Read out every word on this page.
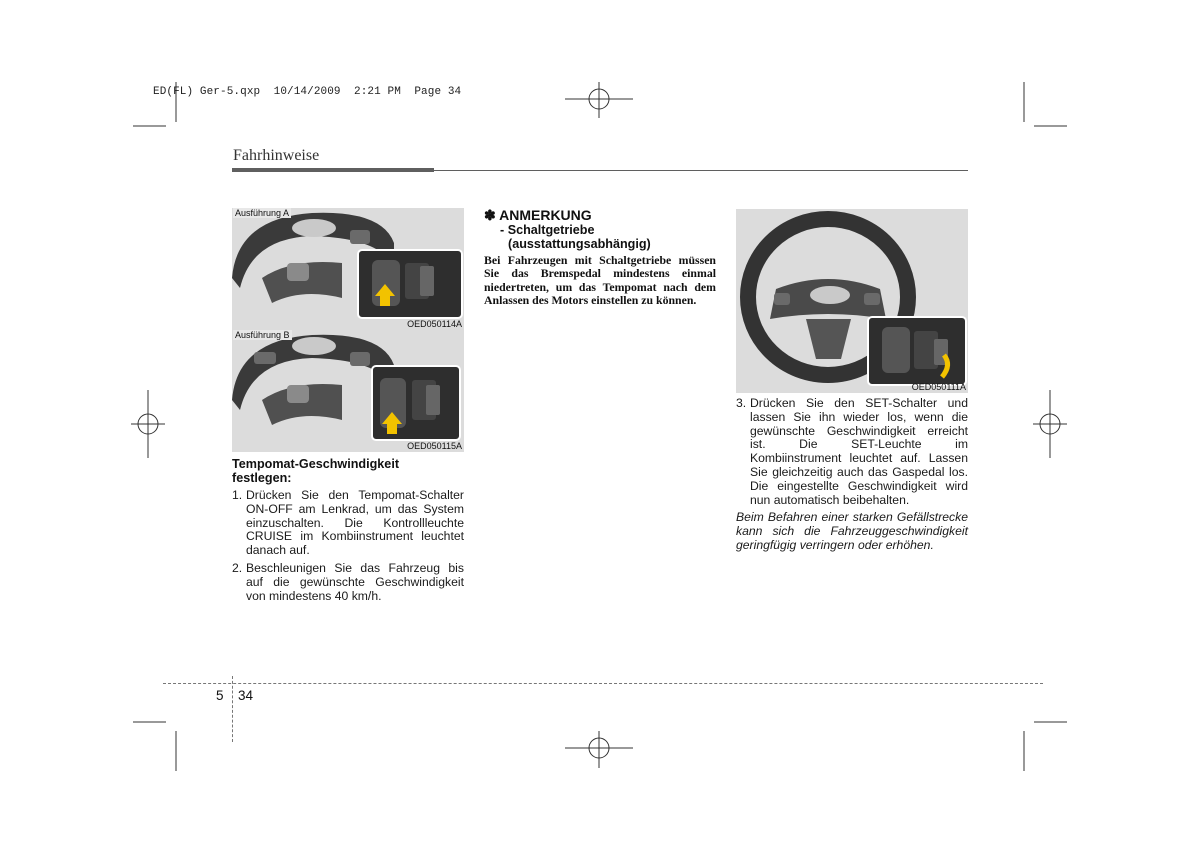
ED(FL) Ger-5.qxp  10/14/2009  2:21 PM  Page 34
Fahrhinweise
Ausführung A
OED050114A
Ausführung B
OED050115A
OED050111A
Tempomat-Geschwindigkeit
festlegen:
1. Drücken Sie den Tempomat-Schalter ON-OFF am Lenkrad, um das System einzuschalten. Die Kontrollleuchte CRUISE im Kombiinstrument leuchtet danach auf.
2. Beschleunigen Sie das Fahrzeug bis auf die gewünschte Geschwindigkeit von mindestens 40 km/h.
✽ ANMERKUNG
- Schaltgetriebe
(ausstattungsabhängig)
Bei Fahrzeugen mit Schaltgetriebe müssen Sie das Bremspedal mindestens einmal niedertreten, um das Tempomat nach dem Anlassen des Motors einstellen zu können.
3. Drücken Sie den SET-Schalter und lassen Sie ihn wieder los, wenn die gewünschte Geschwindigkeit erreicht ist. Die SET-Leuchte im Kombiinstrument leuchtet auf. Lassen Sie gleichzeitig auch das Gaspedal los. Die eingestellte Geschwindigkeit wird nun automatisch beibehalten.
Beim Befahren einer starken Gefällstrecke kann sich die Fahrzeuggeschwindigkeit geringfügig verringern oder erhöhen.
5 34
